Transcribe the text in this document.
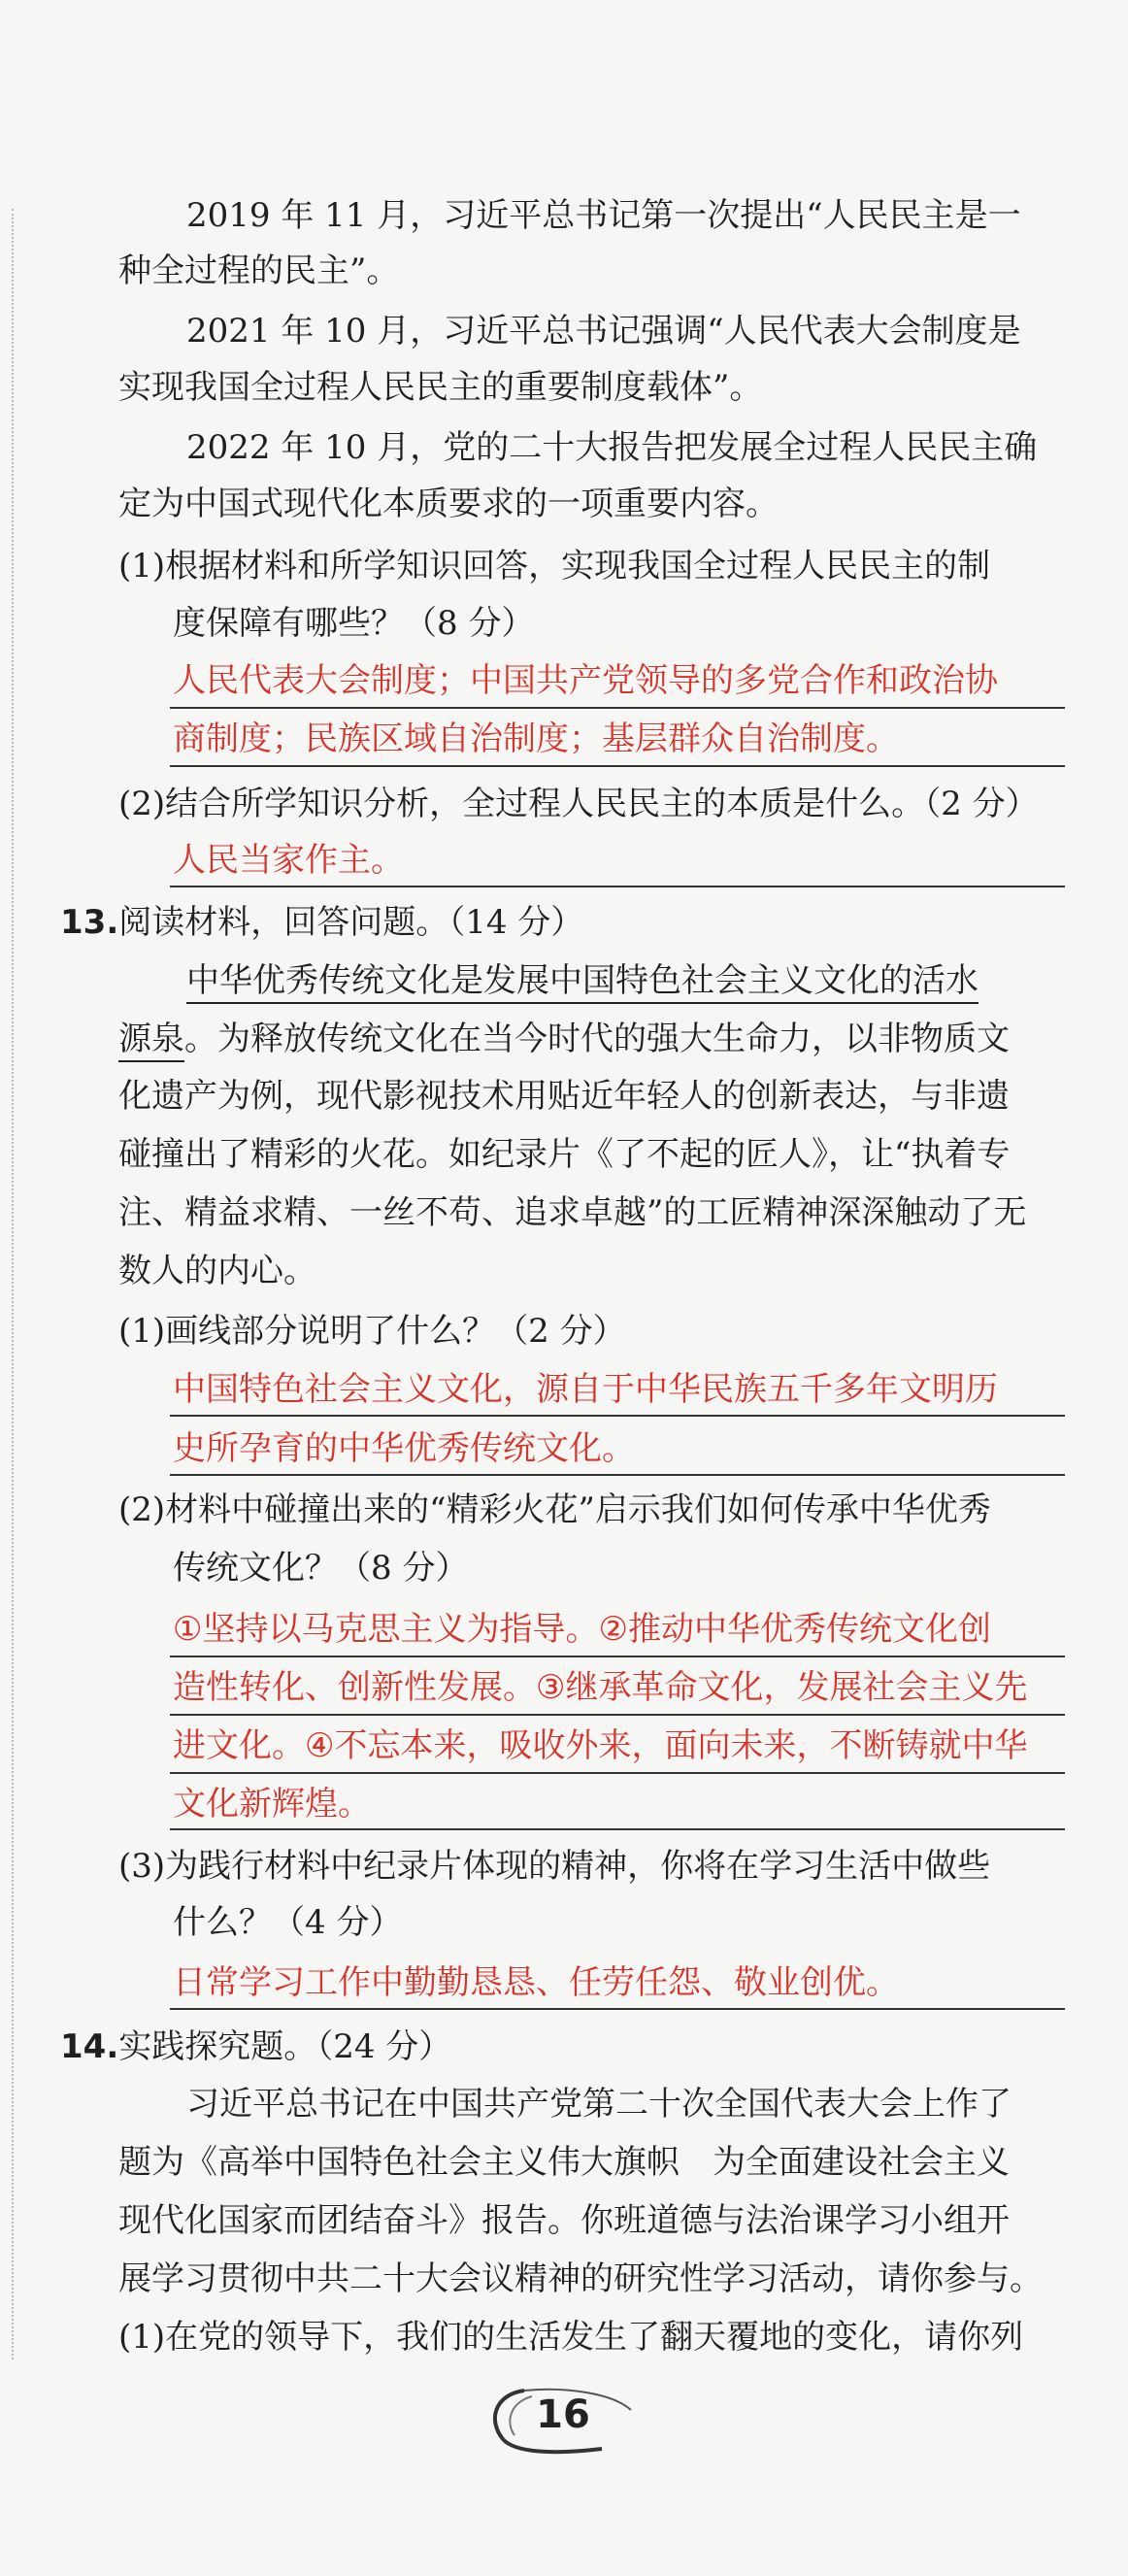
2019 年 11 月，习近平总书记第一次提出“人民民主是一
种全过程的民主”。
2021 年 10 月，习近平总书记强调“人民代表大会制度是
实现我国全过程人民民主的重要制度载体”。
2022 年 10 月，党的二十大报告把发展全过程人民民主确
定为中国式现代化本质要求的一项重要内容。
(1)根据材料和所学知识回答，实现我国全过程人民民主的制
度保障有哪些？（8 分）
人民代表大会制度；中国共产党领导的多党合作和政治协
商制度；民族区域自治制度；基层群众自治制度。
(2)结合所学知识分析，全过程人民民主的本质是什么。（2 分）
人民当家作主。
13.阅读材料，回答问题。（14 分）
中华优秀传统文化是发展中国特色社会主义文化的活水
源泉。为释放传统文化在当今时代的强大生命力，以非物质文
化遗产为例，现代影视技术用贴近年轻人的创新表达，与非遗
碰撞出了精彩的火花。如纪录片《了不起的匠人》，让“执着专
注、精益求精、一丝不苟、追求卓越”的工匠精神深深触动了无
数人的内心。
(1)画线部分说明了什么？（2 分）
中国特色社会主义文化，源自于中华民族五千多年文明历
史所孕育的中华优秀传统文化。
(2)材料中碰撞出来的“精彩火花”启示我们如何传承中华优秀
传统文化？（8 分）
①坚持以马克思主义为指导。②推动中华优秀传统文化创
造性转化、创新性发展。③继承革命文化，发展社会主义先
进文化。④不忘本来，吸收外来，面向未来，不断铸就中华
文化新辉煌。
(3)为践行材料中纪录片体现的精神，你将在学习生活中做些
什么？（4 分）
日常学习工作中勤勤恳恳、任劳任怨、敬业创优。
14.实践探究题。（24 分）
习近平总书记在中国共产党第二十次全国代表大会上作了
题为《高举中国特色社会主义伟大旗帜　为全面建设社会主义
现代化国家而团结奋斗》报告。你班道德与法治课学习小组开
展学习贯彻中共二十大会议精神的研究性学习活动，请你参与。
(1)在党的领导下，我们的生活发生了翻天覆地的变化，请你列
16
